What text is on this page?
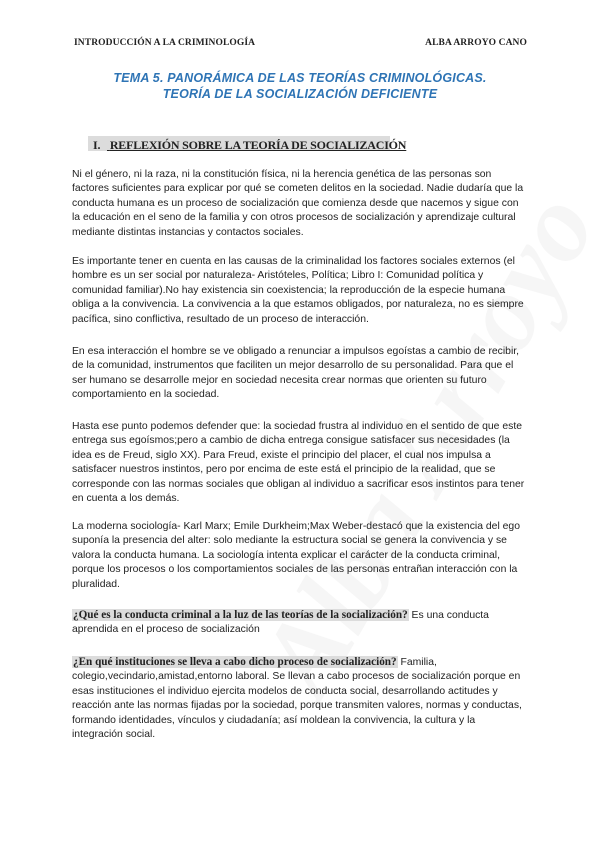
INTRODUCCIÓN A LA CRIMINOLOGÍA	ALBA ARROYO CANO
TEMA 5. PANORÁMICA DE LAS TEORÍAS CRIMINOLÓGICAS.
TEORÍA DE LA SOCIALIZACIÓN DEFICIENTE
I. REFLEXIÓN SOBRE LA TEORÍA DE SOCIALIZACIÓN

Ni el género, ni la raza, ni la constitución física, ni la herencia genética de las personas son factores suficientes para explicar por qué se cometen delitos en la sociedad. Nadie dudaría que la conducta humana es un proceso de socialización que comienza desde que nacemos y sigue con la educación en el seno de la familia y con otros procesos de socialización y aprendizaje cultural mediante distintas instancias y contactos sociales.

Es importante tener en cuenta en las causas de la criminalidad los factores sociales externos (el hombre es un ser social por naturaleza- Aristóteles, Política; Libro I: Comunidad política y comunidad familiar).No hay existencia sin coexistencia; la reproducción de la especie humana obliga a la convivencia. La convivencia a la que estamos obligados, por naturaleza, no es siempre pacífica, sino conflictiva, resultado de un proceso de interacción.

En esa interacción el hombre se ve obligado a renunciar a impulsos egoístas a cambio de recibir, de la comunidad, instrumentos que faciliten un mejor desarrollo de su personalidad. Para que el ser humano se desarrolle mejor en sociedad necesita crear normas que orienten su futuro comportamiento en la sociedad.

Hasta ese punto podemos defender que: la sociedad frustra al individuo en el sentido de que este entrega sus egoísmos;pero a cambio de dicha entrega consigue satisfacer sus necesidades (la idea es de Freud, siglo XX). Para Freud, existe el principio del placer, el cual nos impulsa a satisfacer nuestros instintos, pero por encima de este está el principio de la realidad, que se corresponde con las normas sociales que obligan al individuo a sacrificar esos instintos para tener en cuenta a los demás.

La moderna sociología- Karl Marx; Emile Durkheim;Max Weber-destacó que la existencia del ego suponía la presencia del alter: solo mediante la estructura social se genera la convivencia y se valora la conducta humana. La sociología intenta explicar el carácter de la conducta criminal, porque los procesos o los comportamientos sociales de las personas entrañan interacción con la pluralidad.

¿Qué es la conducta criminal a la luz de las teorías de la socialización? Es una conducta aprendida en el proceso de socialización

¿En qué instituciones se lleva a cabo dicho proceso de socialización? Familia, colegio,vecindario,amistad,entorno laboral. Se llevan a cabo procesos de socialización porque en esas instituciones el individuo ejercita modelos de conducta social, desarrollando actitudes y reacción ante las normas fijadas por la sociedad, porque transmiten valores, normas y conductas, formando identidades, vínculos y ciudadanía; así moldean la convivencia, la cultura y la integración social.
